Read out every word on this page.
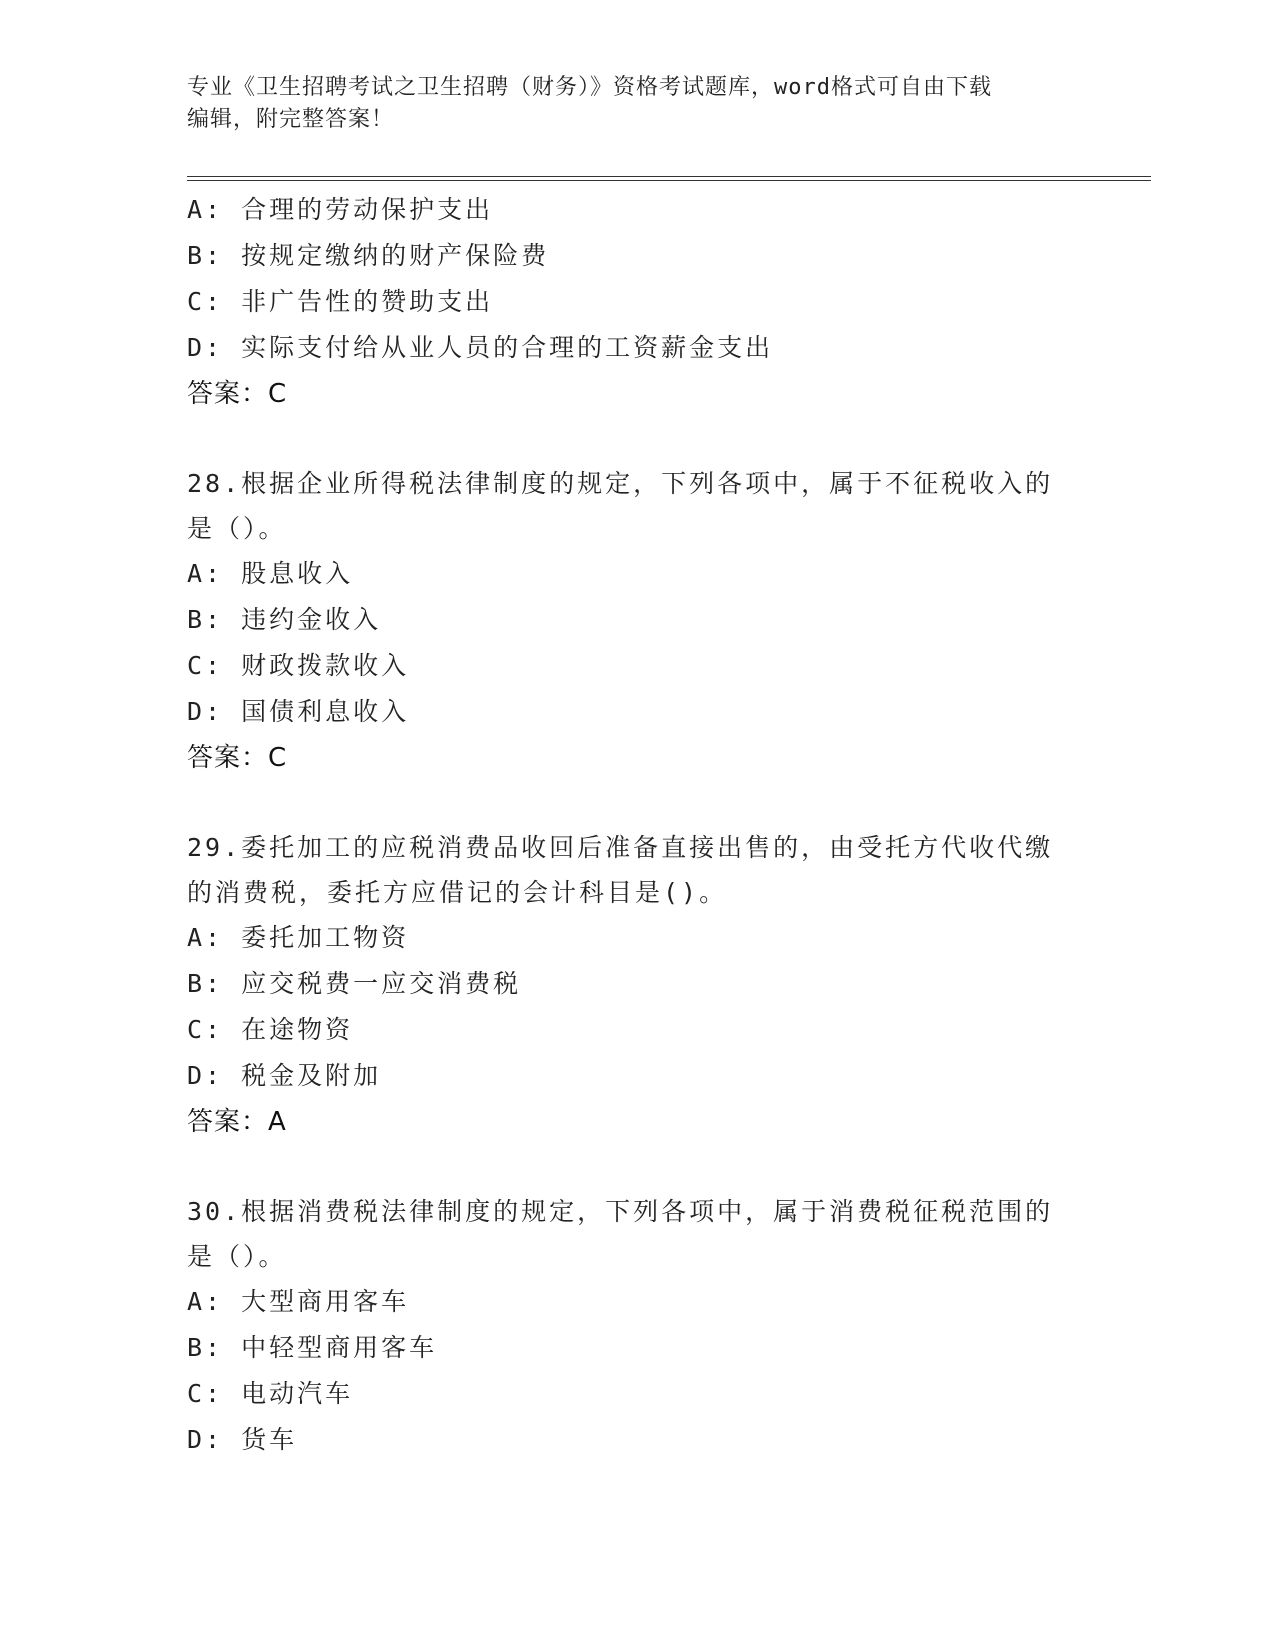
专业《卫生招聘考试之卫生招聘（财务）》资格考试题库，word格式可自由下载
编辑，附完整答案！
A: 合理的劳动保护支出
B: 按规定缴纳的财产保险费
C: 非广告性的赞助支出
D: 实际支付给从业人员的合理的工资薪金支出
答案：C
28.根据企业所得税法律制度的规定，下列各项中，属于不征税收入的
是（）。
A: 股息收入
B: 违约金收入
C: 财政拨款收入
D: 国债利息收入
答案：C
29.委托加工的应税消费品收回后准备直接出售的，由受托方代收代缴
的消费税，委托方应借记的会计科目是()。
A: 委托加工物资
B: 应交税费一应交消费税
C: 在途物资
D: 税金及附加
答案：A
30.根据消费税法律制度的规定，下列各项中，属于消费税征税范围的
是（）。
A: 大型商用客车
B: 中轻型商用客车
C: 电动汽车
D: 货车
